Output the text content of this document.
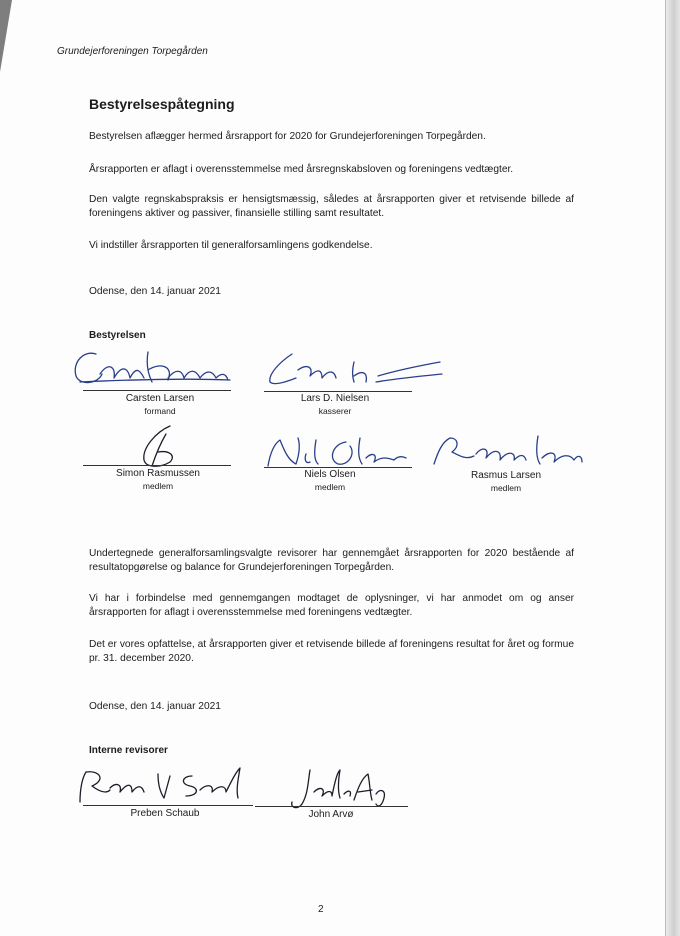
Grundejerforeningen Torpegården
Bestyrelsespåtegning

Bestyrelsen aflægger hermed årsrapport for 2020 for Grundejerforeningen Torpegården.

Årsrapporten er aflagt i overensstemmelse med årsregnskabsloven og foreningens vedtægter.

Den valgte regnskabspraksis er hensigtsmæssig, således at årsrapporten giver et retvisende billede af foreningens aktiver og passiver, finansielle stilling samt resultatet.

Vi indstiller årsrapporten til generalforsamlingens godkendelse.

Odense, den 14. januar 2021

Bestyrelsen
Carsten Larsen
formand
Lars D. Nielsen
kasserer
Simon Rasmussen
medlem
Niels Olsen
medlem
Rasmus Larsen
medlem

Undertegnede generalforsamlingsvalgte revisorer har gennemgået årsrapporten for 2020 bestående af resultatopgørelse og balance for Grundejerforeningen Torpegården.

Vi har i forbindelse med gennemgangen modtaget de oplysninger, vi har anmodet om og anser årsrapporten for aflagt i overensstemmelse med foreningens vedtægter.

Det er vores opfattelse, at årsrapporten giver et retvisende billede af foreningens resultat for året og formue pr. 31. december 2020.

Odense, den 14. januar 2021

Interne revisorer
Preben Schaub	John Arvø
2
